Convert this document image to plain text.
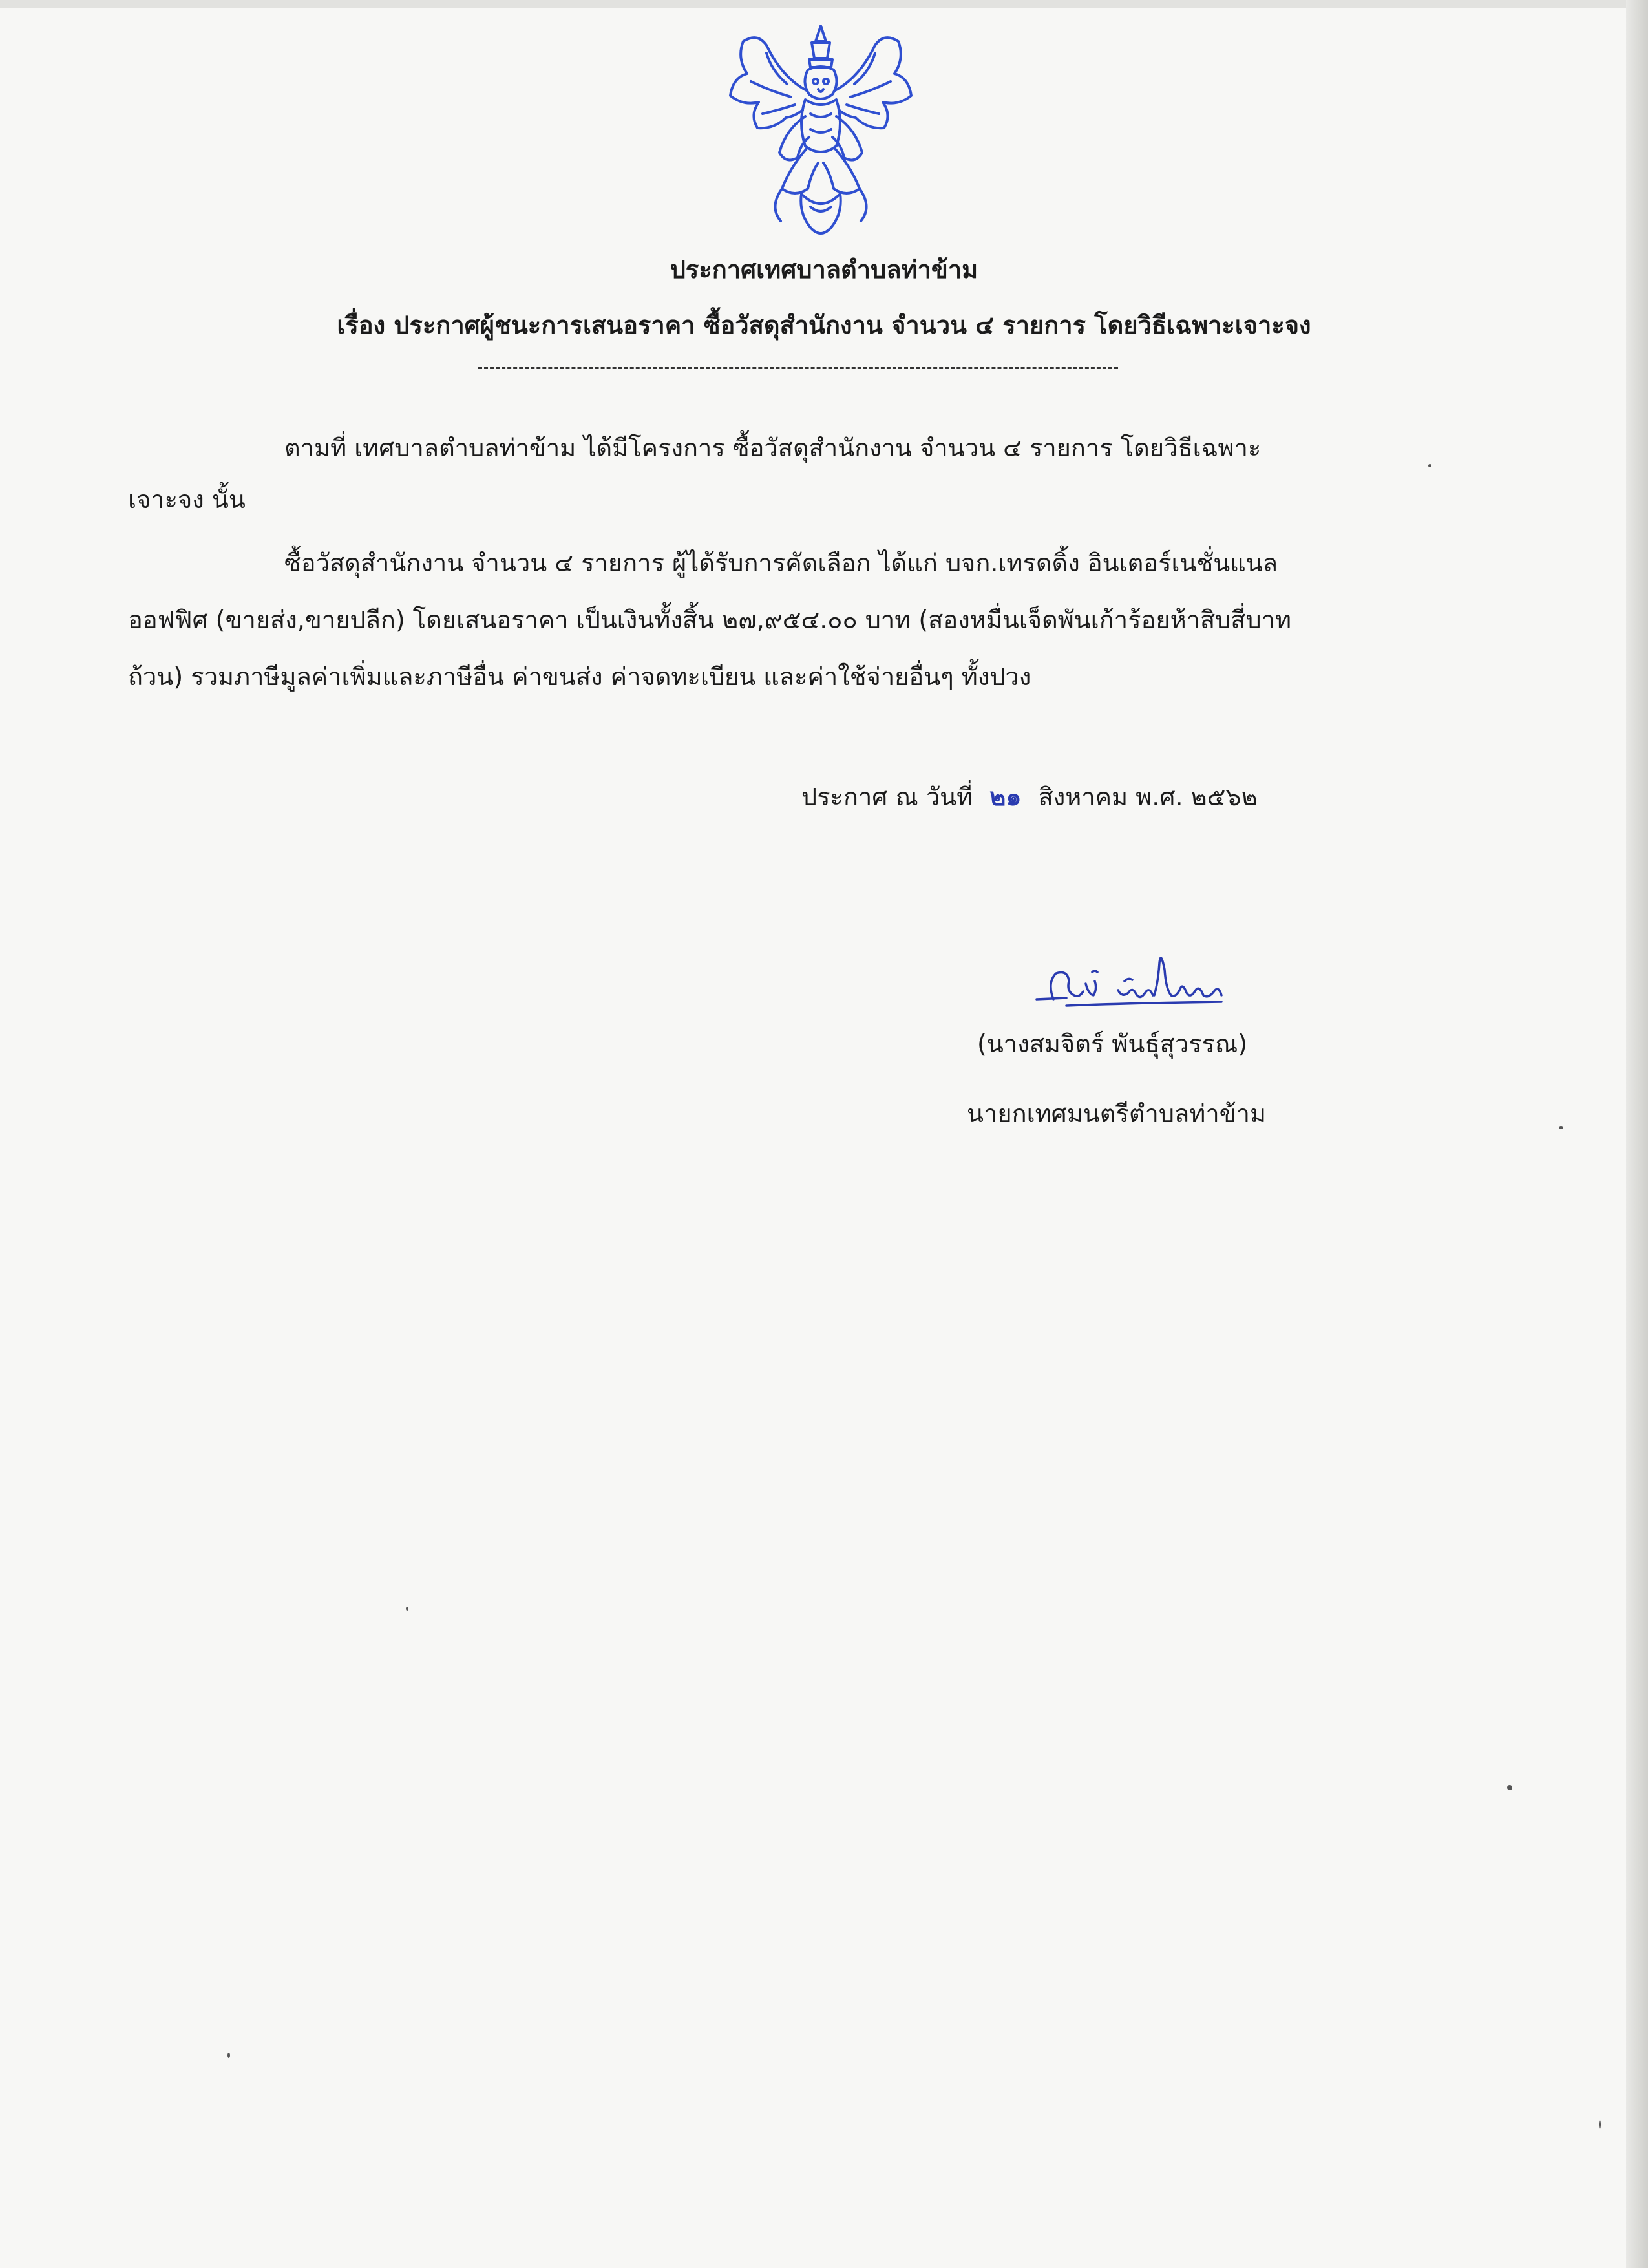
ประกาศเทศบาลตำบลท่าข้าม
เรื่อง ประกาศผู้ชนะการเสนอราคา ซื้อวัสดุสำนักงาน จำนวน ๔ รายการ โดยวิธีเฉพาะเจาะจง
ตามที่ เทศบาลตำบลท่าข้าม ได้มีโครงการ ซื้อวัสดุสำนักงาน จำนวน ๔ รายการ โดยวิธีเฉพาะ
เจาะจง นั้น
ซื้อวัสดุสำนักงาน จำนวน ๔ รายการ ผู้ได้รับการคัดเลือก ได้แก่ บจก.เทรดดิ้ง อินเตอร์เนชั่นแนล
ออฟฟิศ (ขายส่ง,ขายปลีก) โดยเสนอราคา เป็นเงินทั้งสิ้น ๒๗,๙๕๔.๐๐ บาท (สองหมื่นเจ็ดพันเก้าร้อยห้าสิบสี่บาท
ถ้วน) รวมภาษีมูลค่าเพิ่มและภาษีอื่น ค่าขนส่ง ค่าจดทะเบียน และค่าใช้จ่ายอื่นๆ ทั้งปวง
ประกาศ ณ วันที่ ๒๑ สิงหาคม พ.ศ. ๒๕๖๒
(นางสมจิตร์ พันธุ์สุวรรณ)
นายกเทศมนตรีตำบลท่าข้าม
